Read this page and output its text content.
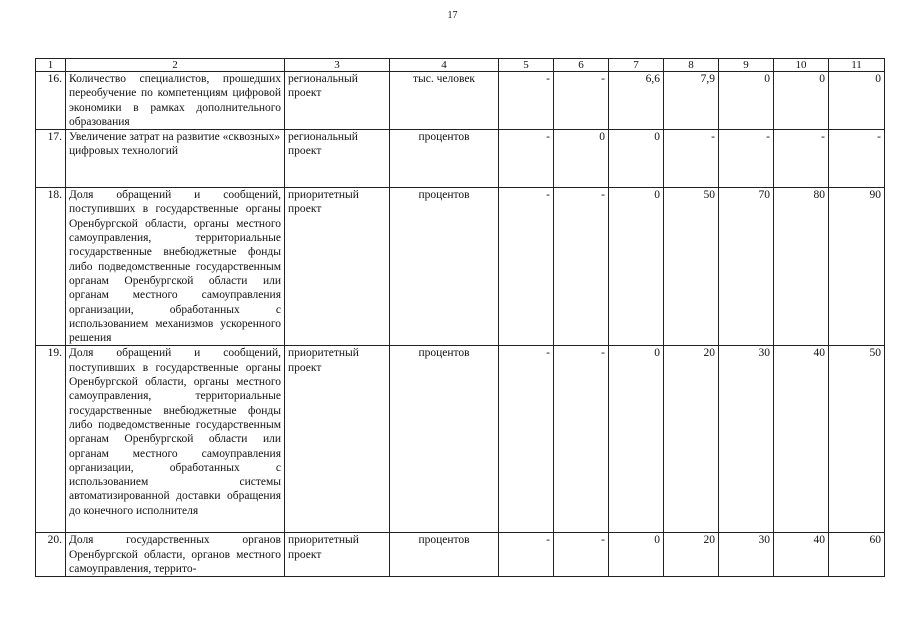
17
1	2	3	4	5	6	7	8	9	10	11
16.	Количество специалистов, прошедших переобучение по компетенциям цифровой экономики в рамках дополнительного образования	региональный проект	тыс. человек	-	-	6,6	7,9	0	0	0
17.	Увеличение затрат на развитие «сквозных» цифровых технологий	региональный проект	процентов	-	0	0	-	-	-	-
18.	Доля обращений и сообщений, поступивших в государственные органы Оренбургской области, органы местного самоуправления, территориальные государственные внебюджетные фонды либо подведомственные государственным органам Оренбургской области или органам местного самоуправления организации, обработанных с использованием механизмов ускоренного решения	приоритетный проект	процентов	-	-	0	50	70	80	90
19.	Доля обращений и сообщений, поступивших в государственные органы Оренбургской области, органы местного самоуправления, территориальные государственные внебюджетные фонды либо подведомственные государственным органам Оренбургской области или органам местного самоуправления организации, обработанных с использованием системы автоматизированной доставки обращения до конечного исполнителя	приоритетный проект	процентов	-	-	0	20	30	40	50
20.	Доля государственных органов Оренбургской области, органов местного самоуправления, террито-	приоритетный проект	процентов	-	-	0	20	30	40	60
